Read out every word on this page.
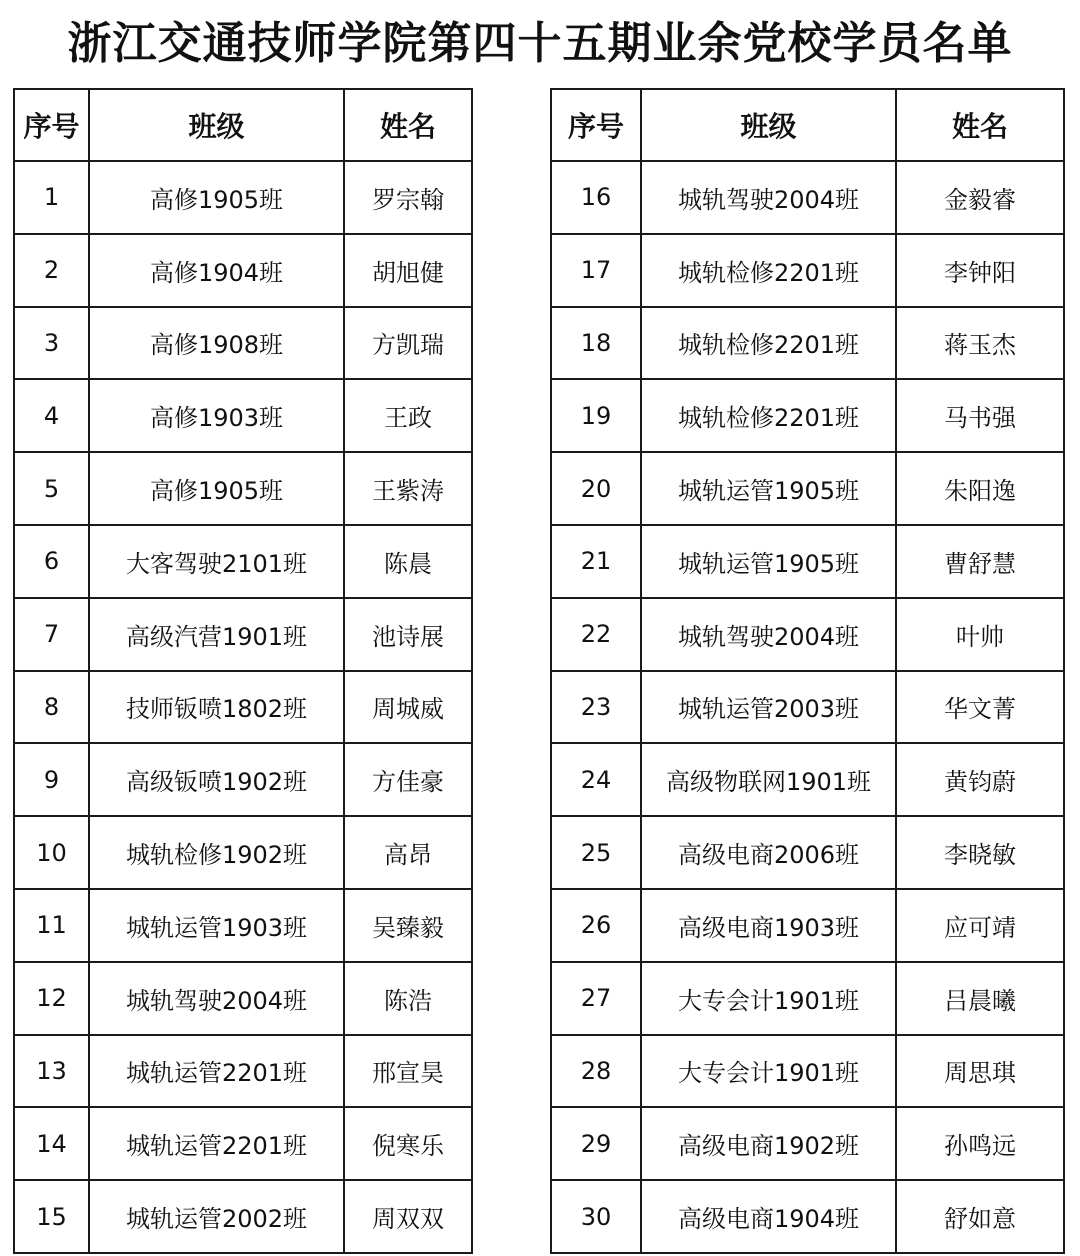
浙江交通技师学院第四十五期业余党校学员名单
序号	班级	姓名
1	高修1905班	罗宗翰
2	高修1904班	胡旭健
3	高修1908班	方凯瑞
4	高修1903班	王政
5	高修1905班	王紫涛
6	大客驾驶2101班	陈晨
7	高级汽营1901班	池诗展
8	技师钣喷1802班	周城威
9	高级钣喷1902班	方佳豪
10	城轨检修1902班	高昂
11	城轨运管1903班	吴臻毅
12	城轨驾驶2004班	陈浩
13	城轨运管2201班	邢宣昊
14	城轨运管2201班	倪寒乐
15	城轨运管2002班	周双双
序号	班级	姓名
16	城轨驾驶2004班	金毅睿
17	城轨检修2201班	李钟阳
18	城轨检修2201班	蒋玉杰
19	城轨检修2201班	马书强
20	城轨运管1905班	朱阳逸
21	城轨运管1905班	曹舒慧
22	城轨驾驶2004班	叶帅
23	城轨运管2003班	华文菁
24	高级物联网1901班	黄钧蔚
25	高级电商2006班	李晓敏
26	高级电商1903班	应可靖
27	大专会计1901班	吕晨曦
28	大专会计1901班	周思琪
29	高级电商1902班	孙鸣远
30	高级电商1904班	舒如意
